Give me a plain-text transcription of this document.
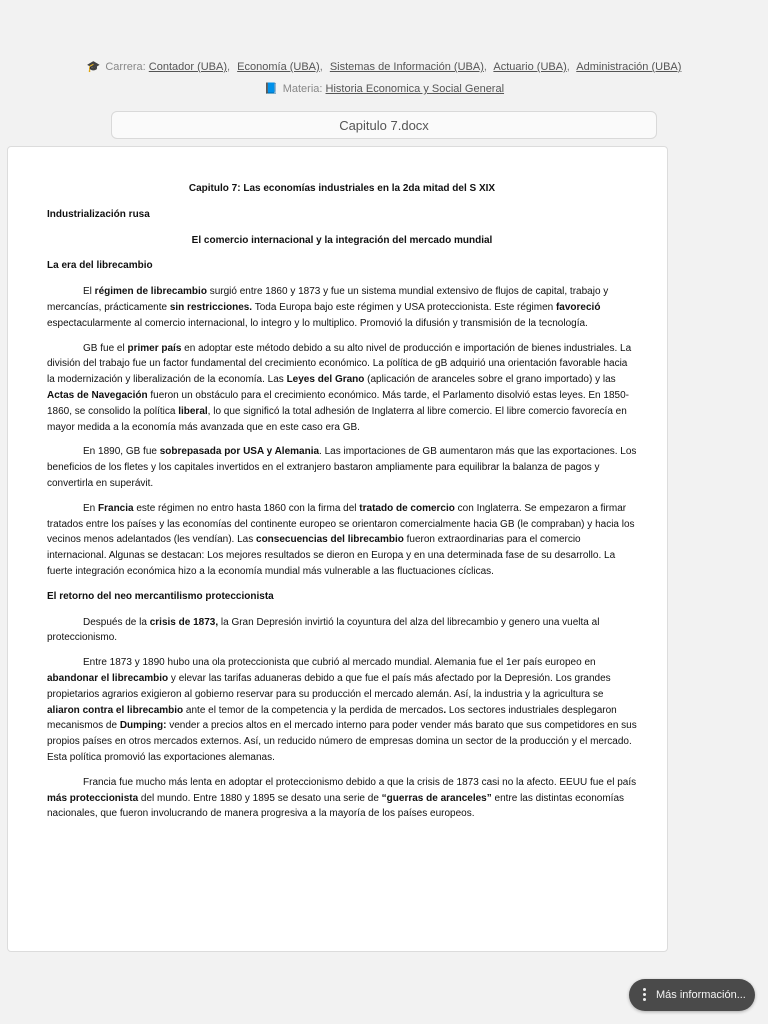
🎓 Carrera: Contador (UBA), Economía (UBA), Sistemas de Información (UBA), Actuario (UBA), Administración (UBA)
📘 Materia: Historia Economica y Social General
Capitulo 7.docx

Capitulo 7: Las economías industriales en la 2da mitad del S XIX

Industrialización rusa

El comercio internacional y la integración del mercado mundial

La era del librecambio

El régimen de librecambio surgió entre 1860 y 1873 y fue un sistema mundial extensivo de flujos de capital, trabajo y mercancías, prácticamente sin restricciones. Toda Europa bajo este régimen y USA proteccionista. Este régimen favoreció espectacularmente al comercio internacional, lo integro y lo multiplico. Promovió la difusión y transmisión de la tecnología.

GB fue el primer país en adoptar este método debido a su alto nivel de producción e importación de bienes industriales. La división del trabajo fue un factor fundamental del crecimiento económico. La política de gB adquirió una orientación favorable hacia la modernización y liberalización de la economía. Las Leyes del Grano (aplicación de aranceles sobre el grano importado) y las Actas de Navegación fueron un obstáculo para el crecimiento económico. Más tarde, el Parlamento disolvió estas leyes. En 1850-1860, se consolido la política liberal, lo que significó la total adhesión de Inglaterra al libre comercio. El libre comercio favorecía en mayor medida a la economía más avanzada que en este caso era GB.

En 1890, GB fue sobrepasada por USA y Alemania. Las importaciones de GB aumentaron más que las exportaciones. Los beneficios de los fletes y los capitales invertidos en el extranjero bastaron ampliamente para equilibrar la balanza de pagos y convertirla en superávit.

En Francia este régimen no entro hasta 1860 con la firma del tratado de comercio con Inglaterra. Se empezaron a firmar tratados entre los países y las economías del continente europeo se orientaron comercialmente hacia GB (le compraban) y hacia los vecinos menos adelantados (les vendían). Las consecuencias del librecambio fueron extraordinarias para el comercio internacional. Algunas se destacan: Los mejores resultados se dieron en Europa y en una determinada fase de su desarrollo. La fuerte integración económica hizo a la economía mundial más vulnerable a las fluctuaciones cíclicas.

El retorno del neo mercantilismo proteccionista

Después de la crisis de 1873, la Gran Depresión invirtió la coyuntura del alza del librecambio y genero una vuelta al proteccionismo.

Entre 1873 y 1890 hubo una ola proteccionista que cubrió al mercado mundial. Alemania fue el 1er país europeo en abandonar el librecambio y elevar las tarifas aduaneras debido a que fue el país más afectado por la Depresión. Los grandes propietarios agrarios exigieron al gobierno reservar para su producción el mercado alemán. Así, la industria y la agricultura se aliaron contra el librecambio ante el temor de la competencia y la perdida de mercados. Los sectores industriales desplegaron mecanismos de Dumping: vender a precios altos en el mercado interno para poder vender más barato que sus competidores en sus propios países en otros mercados externos. Así, un reducido número de empresas domina un sector de la producción y el mercado. Esta política promovió las exportaciones alemanas.

Francia fue mucho más lenta en adoptar el proteccionismo debido a que la crisis de 1873 casi no la afecto. EEUU fue el país más proteccionista del mundo. Entre 1880 y 1895 se desato una serie de “guerras de aranceles” entre las distintas economías nacionales, que fueron involucrando de manera progresiva a la mayoría de los países europeos.

Más información...
